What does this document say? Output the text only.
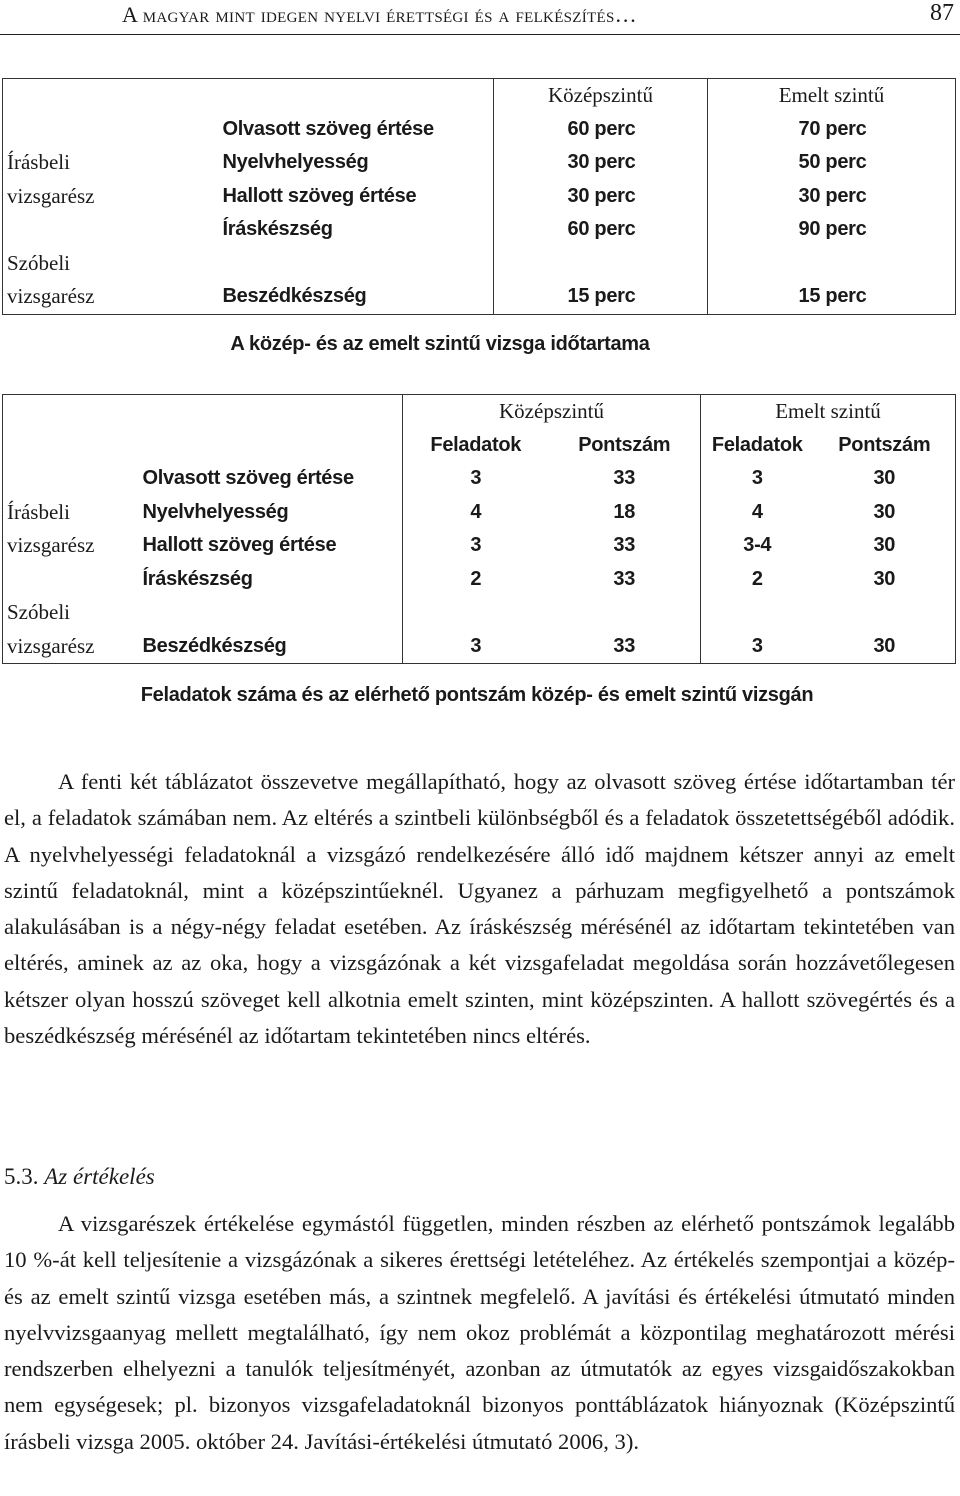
A magyar mint idegen nyelvi érettségi és a felkészítés…	87
		Középszintű	Emelt szintű
	Olvasott szöveg értése	60 perc	70 perc
Írásbeli	Nyelvhelyesség	30 perc	50 perc
vizsgarész	Hallott szöveg értése	30 perc	30 perc
	Íráskészség	60 perc	90 perc
Szóbeli			
vizsgarész	Beszédkészség	15 perc	15 perc
A közép- és az emelt szintű vizsga időtartama
		Középszintű		Emelt szintű	
		Feladatok	Pontszám	Feladatok	Pontszám
	Olvasott szöveg értése	3	33	3	30
Írásbeli	Nyelvhelyesség	4	18	4	30
vizsgarész	Hallott szöveg értése	3	33	3-4	30
	Íráskészség	2	33	2	30
Szóbeli					
vizsgarész	Beszédkészség	3	33	3	30
Feladatok száma és az elérhető pontszám közép- és emelt szintű vizsgán

A fenti két táblázatot összevetve megállapítható, hogy az olvasott szöveg értése időtartamban tér el, a feladatok számában nem. Az eltérés a szintbeli különbségből és a feladatok összetettségéből adódik. A nyelvhelyességi feladatoknál a vizsgázó rendelkezésére álló idő majdnem kétszer annyi az emelt szintű feladatoknál, mint a középszintűeknél. Ugyanez a párhuzam megfigyelhető a pontszámok alakulásában is a négy-négy feladat esetében. Az íráskészség mérésénél az időtartam tekintetében van eltérés, aminek az az oka, hogy a vizsgázónak a két vizsgafeladat megoldása során hozzávetőlegesen kétszer olyan hosszú szöveget kell alkotnia emelt szinten, mint középszinten. A hallott szövegértés és a beszédkészség mérésénél az időtartam tekintetében nincs eltérés.

5.3. Az értékelés

A vizsgarészek értékelése egymástól független, minden részben az elérhető pontszámok legalább 10 %-át kell teljesítenie a vizsgázónak a sikeres érettségi letételéhez. Az értékelés szempontjai a közép- és az emelt szintű vizsga esetében más, a szintnek megfelelő. A javítási és értékelési útmutató minden nyelvvizsgaanyag mellett megtalálható, így nem okoz problémát a központilag meghatározott mérési rendszerben elhelyezni a tanulók teljesítményét, azonban az útmutatók az egyes vizsgaidőszakokban nem egységesek; pl. bizonyos vizsgafeladatoknál bizonyos ponttáblázatok hiányoznak (Középszintű írásbeli vizsga 2005. október 24. Javítási-értékelési útmutató 2006, 3).
